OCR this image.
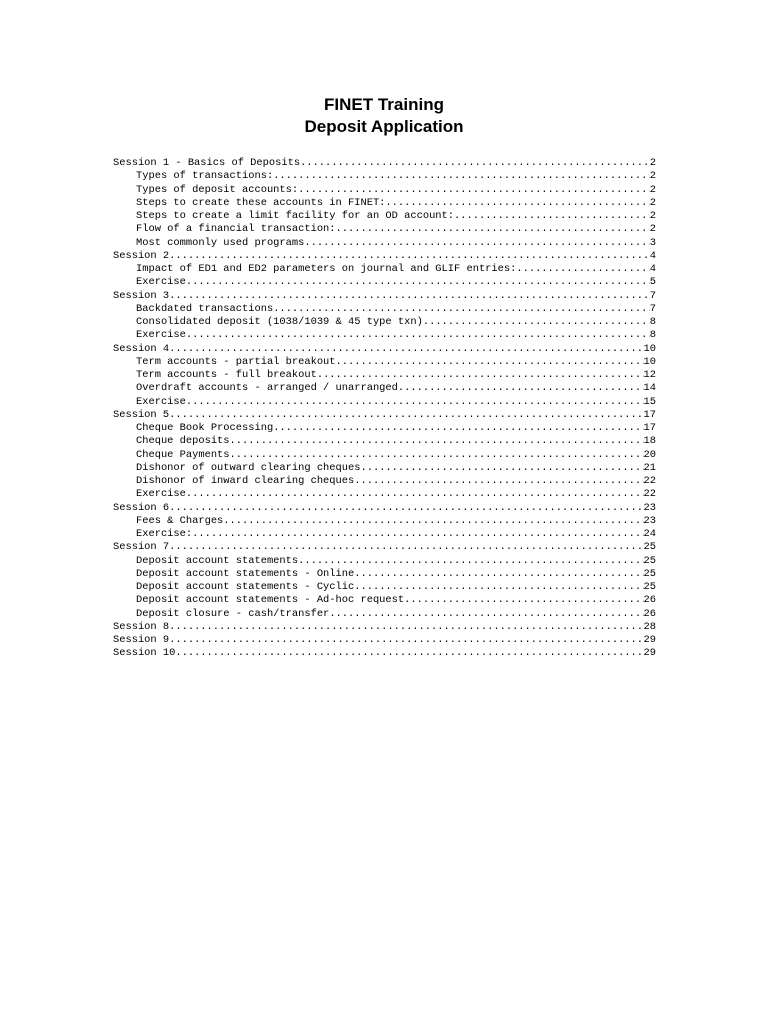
FINET Training
Deposit Application
Session 1 - Basics of Deposits .....	2
Types of transactions: .....	2
Types of deposit accounts: .....	2
Steps to create these accounts in FINET: .....	2
Steps to create a limit facility for an OD account: .....	2
Flow of a financial transaction: .....	2
Most commonly used programs .....	3
Session 2 .....	4
Impact of ED1 and ED2 parameters on journal and GLIF entries: .....	4
Exercise .....	5
Session 3 .....	7
Backdated transactions .....	7
Consolidated deposit (1038/1039 & 45 type txn) .....	8
Exercise .....	8
Session 4 .....	10
Term accounts - partial breakout .....	10
Term accounts - full breakout .....	12
Overdraft accounts - arranged / unarranged .....	14
Exercise .....	15
Session 5 .....	17
Cheque Book Processing .....	17
Cheque deposits .....	18
Cheque Payments .....	20
Dishonor of outward clearing cheques .....	21
Dishonor of inward clearing cheques .....	22
Exercise .....	22
Session 6 .....	23
Fees & Charges .....	23
Exercise: .....	24
Session 7 .....	25
Deposit account statements .....	25
Deposit account statements - Online .....	25
Deposit account statements - Cyclic .....	25
Deposit account statements - Ad-hoc request .....	26
Deposit closure - cash/transfer .....	26
Session 8 .....	28
Session 9 .....	29
Session 10 .....	29
